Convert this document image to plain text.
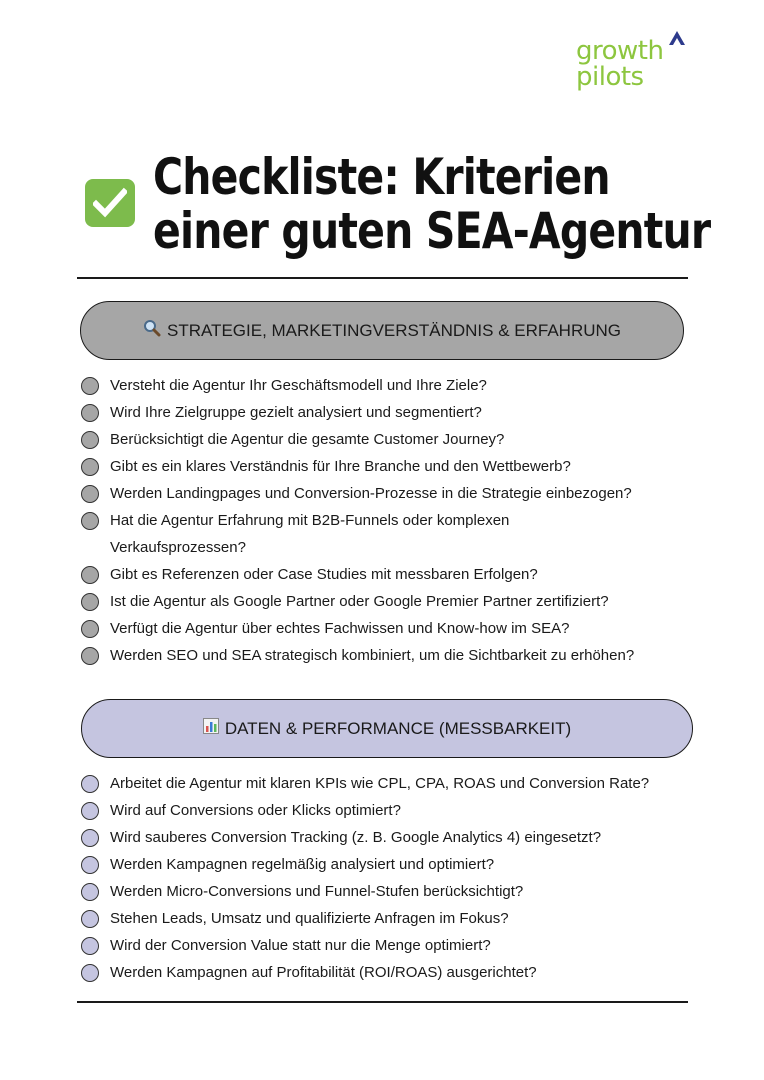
growth
pilots
Checkliste: Kriterien
einer guten SEA-Agentur
STRATEGIE, MARKETINGVERSTÄNDNIS & ERFAHRUNG
Versteht die Agentur Ihr Geschäftsmodell und Ihre Ziele?
Wird Ihre Zielgruppe gezielt analysiert und segmentiert?
Berücksichtigt die Agentur die gesamte Customer Journey?
Gibt es ein klares Verständnis für Ihre Branche und den Wettbewerb?
Werden Landingpages und Conversion-Prozesse in die Strategie einbezogen?
Hat die Agentur Erfahrung mit B2B-Funnels oder komplexen Verkaufsprozessen?
Gibt es Referenzen oder Case Studies mit messbaren Erfolgen?
Ist die Agentur als Google Partner oder Google Premier Partner zertifiziert?
Verfügt die Agentur über echtes Fachwissen und Know-how im SEA?
Werden SEO und SEA strategisch kombiniert, um die Sichtbarkeit zu erhöhen?
DATEN & PERFORMANCE (MESSBARKEIT)
Arbeitet die Agentur mit klaren KPIs wie CPL, CPA, ROAS und Conversion Rate?
Wird auf Conversions oder Klicks optimiert?
Wird sauberes Conversion Tracking (z. B. Google Analytics 4) eingesetzt?
Werden Kampagnen regelmäßig analysiert und optimiert?
Werden Micro-Conversions und Funnel-Stufen berücksichtigt?
Stehen Leads, Umsatz und qualifizierte Anfragen im Fokus?
Wird der Conversion Value statt nur die Menge optimiert?
Werden Kampagnen auf Profitabilität (ROI/ROAS) ausgerichtet?
